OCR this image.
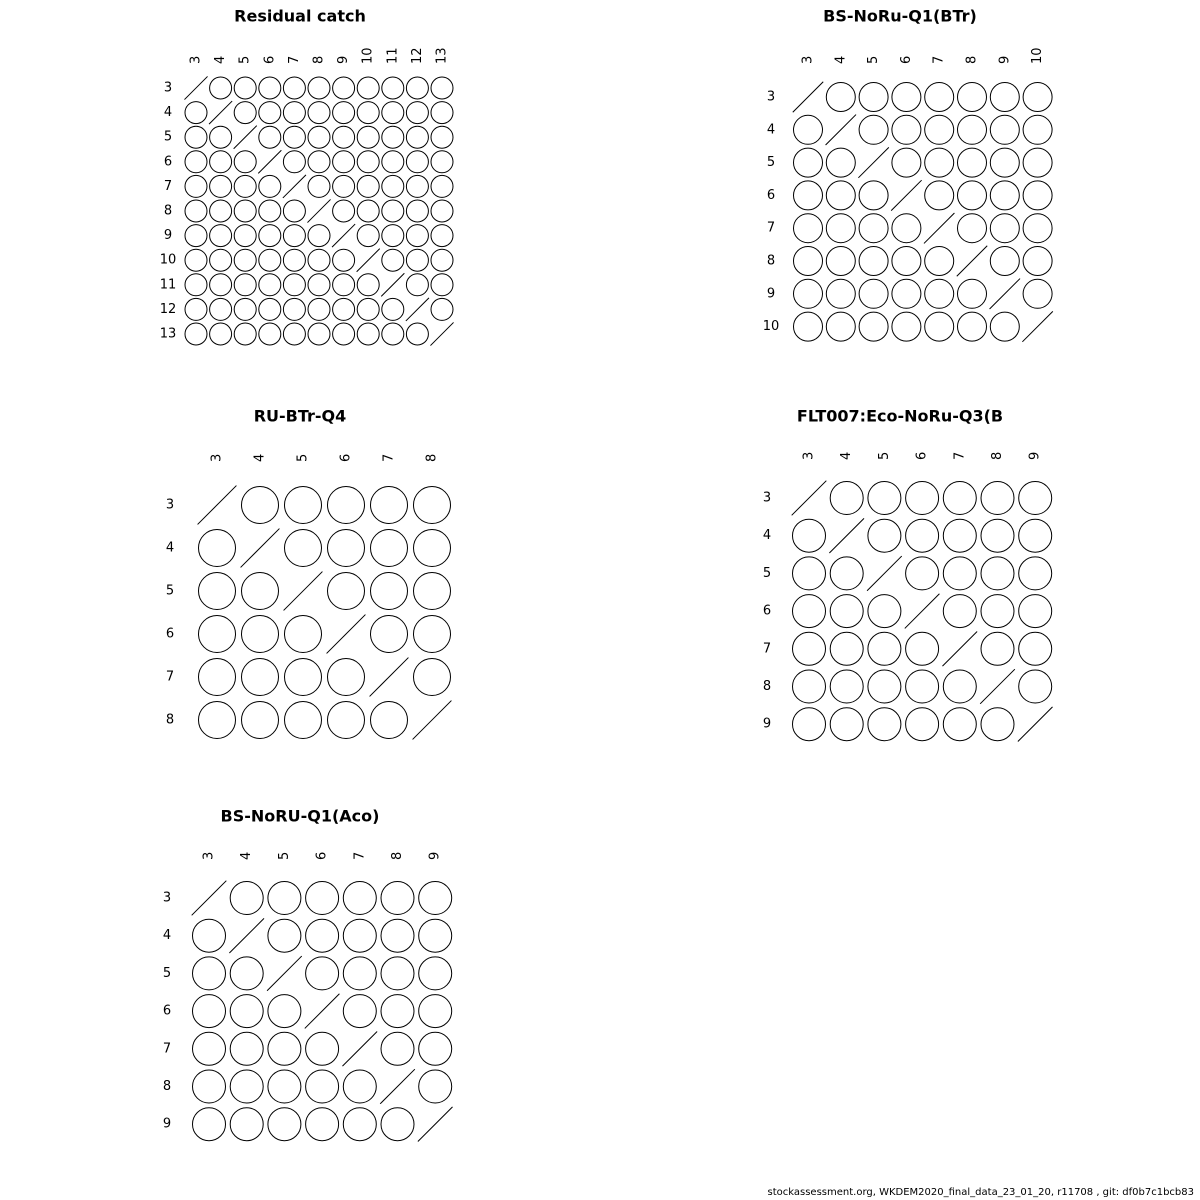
Residual catch
3 4 5 6 7 8 9 10 11 12 13
3
4
5
6
7
8
9
10
11
12
13
BS-NoRu-Q1(BTr)
3 4 5 6 7 8 9 10
3
4
5
6
7
8
9
10
RU-BTr-Q4
3 4 5 6 7 8
3
4
5
6
7
8
FLT007:Eco-NoRu-Q3(B
3 4 5 6 7 8 9
3
4
5
6
7
8
9
BS-NoRU-Q1(Aco)
3 4 5 6 7 8 9
3
4
5
6
7
8
9
stockassessment.org, WKDEM2020_final_data_23_01_20, r11708 , git: df0b7c1bcb83
